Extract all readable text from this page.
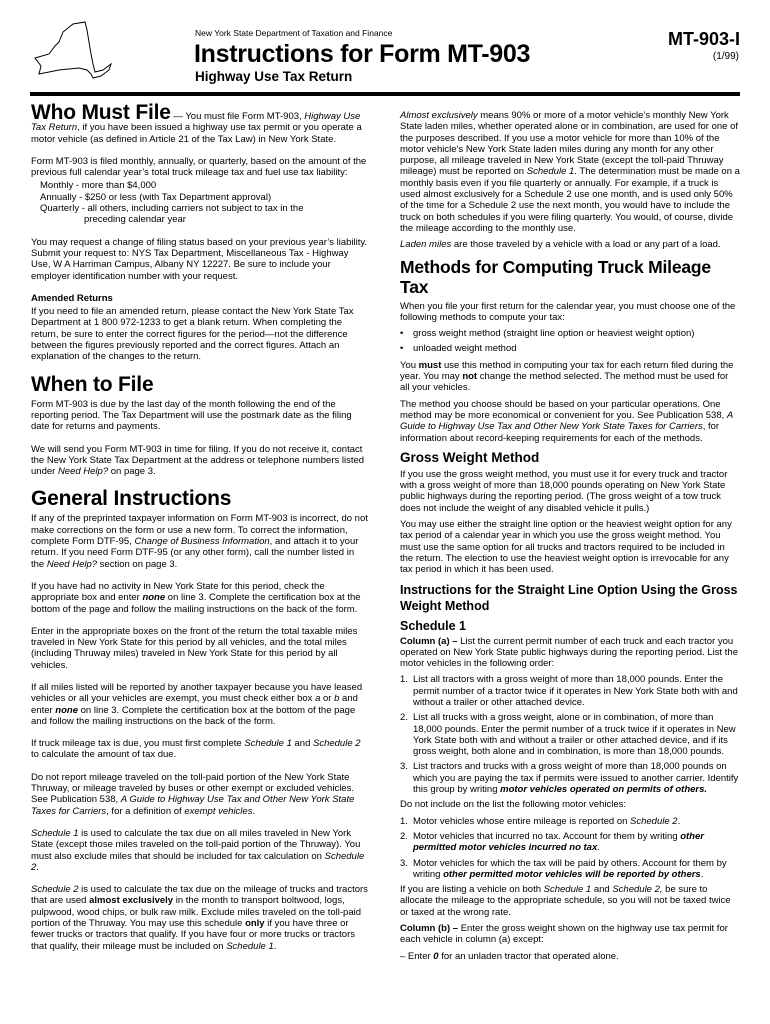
New York State Department of Taxation and Finance
Instructions for Form MT-903
Highway Use Tax Return
MT-903-I
(1/99)

Who Must File — You must file Form MT-903, Highway Use Tax Return, if you have been issued a highway use tax permit or you operate a motor vehicle (as defined in Article 21 of the Tax Law) in New York State.

Form MT-903 is filed monthly, annually, or quarterly, based on the amount of the previous full calendar year’s total truck mileage tax and fuel use tax liability:

Monthly - more than $4,000
Annually - $250 or less (with Tax Department approval)
Quarterly - all others, including carriers not subject to tax in the
preceding calendar year

You may request a change of filing status based on your previous year’s liability. Submit your request to: NYS Tax Department, Miscellaneous Tax - Highway Use, W A Harriman Campus, Albany NY 12227. Be sure to include your employer identification number with your request.

Amended Returns

If you need to file an amended return, please contact the New York State Tax Department at 1 800 972-1233 to get a blank return. When completing the return, be sure to enter the correct figures for the period—not the difference between the figures previously reported and the correct figures. Attach an explanation of the changes to the return.

When to File

Form MT-903 is due by the last day of the month following the end of the reporting period. The Tax Department will use the postmark date as the filing date for returns and payments.

We will send you Form MT-903 in time for filing. If you do not receive it, contact the New York State Tax Department at the address or telephone numbers listed under Need Help? on page 3.

General Instructions

If any of the preprinted taxpayer information on Form MT-903 is incorrect, do not make corrections on the form or use a new form. To correct the information, complete Form DTF-95, Change of Business Information, and attach it to your return. If you need Form DTF-95 (or any other form), call the number listed in the Need Help? section on page 3.

If you have had no activity in New York State for this period, check the appropriate box and enter none on line 3. Complete the certification box at the bottom of the page and follow the mailing instructions on the back of the form.

Enter in the appropriate boxes on the front of the return the total taxable miles traveled in New York State for this period by all vehicles, and the total miles (including Thruway miles) traveled in New York State for this period by all vehicles.

If all miles listed will be reported by another taxpayer because you have leased vehicles or all your vehicles are exempt, you must check either box a or b and enter none on line 3. Complete the certification box at the bottom of the page and follow the mailing instructions on the back of the form.

If truck mileage tax is due, you must first complete Schedule 1 and Schedule 2 to calculate the amount of tax due.

Do not report mileage traveled on the toll-paid portion of the New York State Thruway, or mileage traveled by buses or other exempt or excluded vehicles. See Publication 538, A Guide to Highway Use Tax and Other New York State Taxes for Carriers, for a definition of exempt vehicles.

Schedule 1 is used to calculate the tax due on all miles traveled in New York State (except those miles traveled on the toll-paid portion of the Thruway). You must also exclude miles that should be included for tax calculation on Schedule 2.

Schedule 2 is used to calculate the tax due on the mileage of trucks and tractors that are used almost exclusively in the month to transport boltwood, logs, pulpwood, wood chips, or bulk raw milk. Exclude miles traveled on the toll-paid portion of the Thruway. You may use this schedule only if you have three or fewer trucks or tractors that qualify. If you have four or more trucks or tractors that qualify, their mileage must be included on Schedule 1.

Almost exclusively means 90% or more of a motor vehicle’s monthly New York State laden miles, whether operated alone or in combination, are used for one of the purposes described. If you use a motor vehicle for more than 10% of the motor vehicle’s New York State laden miles during any month for any other purpose, all mileage traveled in New York State (except the toll-paid Thruway mileage) must be reported on Schedule 1. The determination must be made on a monthly basis even if you file quarterly or annually. For example, if a truck is used almost exclusively for a Schedule 2 use one month, and is used only 50% of the time for a Schedule 2 use the next month, you would have to include the truck on both schedules if you were filing quarterly. You would, of course, divide the mileage according to the monthly use.

Laden miles are those traveled by a vehicle with a load or any part of a load.

Methods for Computing Truck Mileage Tax

When you file your first return for the calendar year, you must choose one of the following methods to compute your tax:

• gross weight method (straight line option or heaviest weight option)
• unloaded weight method

You must use this method in computing your tax for each return filed during the year. You may not change the method selected. The method must be used for all your vehicles.

The method you choose should be based on your particular operations. One method may be more economical or convenient for you. See Publication 538, A Guide to Highway Use Tax and Other New York State Taxes for Carriers, for information about record-keeping requirements for each of the methods.

Gross Weight Method

If you use the gross weight method, you must use it for every truck and tractor with a gross weight of more than 18,000 pounds operating on New York State public highways during the reporting period. (The gross weight of a tow truck does not include the weight of any disabled vehicle it pulls.)

You may use either the straight line option or the heaviest weight option for any tax period of a calendar year in which you use the gross weight method. You must use the same option for all trucks and tractors required to be included in the return. The election to use the heaviest weight option is irrevocable for any tax period in which it has been used.

Instructions for the Straight Line Option Using the Gross Weight Method
Schedule 1

Column (a) – List the current permit number of each truck and each tractor you operated on New York State public highways during the reporting period. List the motor vehicles in the following order:

1. List all tractors with a gross weight of more than 18,000 pounds. Enter the permit number of a tractor twice if it operates in New York State both with and without a trailer or other attached device.
2. List all trucks with a gross weight, alone or in combination, of more than 18,000 pounds. Enter the permit number of a truck twice if it operates in New York State both with and without a trailer or other attached device, and if its gross weight, both alone and in combination, is more than 18,000 pounds.
3. List tractors and trucks with a gross weight of more than 18,000 pounds on which you are paying the tax if permits were issued to another carrier. Identify this group by writing motor vehicles operated on permits of others.

Do not include on the list the following motor vehicles:

1. Motor vehicles whose entire mileage is reported on Schedule 2.
2. Motor vehicles that incurred no tax. Account for them by writing other permitted motor vehicles incurred no tax.
3. Motor vehicles for which the tax will be paid by others. Account for them by writing other permitted motor vehicles will be reported by others.

If you are listing a vehicle on both Schedule 1 and Schedule 2, be sure to allocate the mileage to the appropriate schedule, so you will not be taxed twice or taxed at the wrong rate.

Column (b) – Enter the gross weight shown on the highway use tax permit for each vehicle in column (a) except:

– Enter 0 for an unladen tractor that operated alone.
